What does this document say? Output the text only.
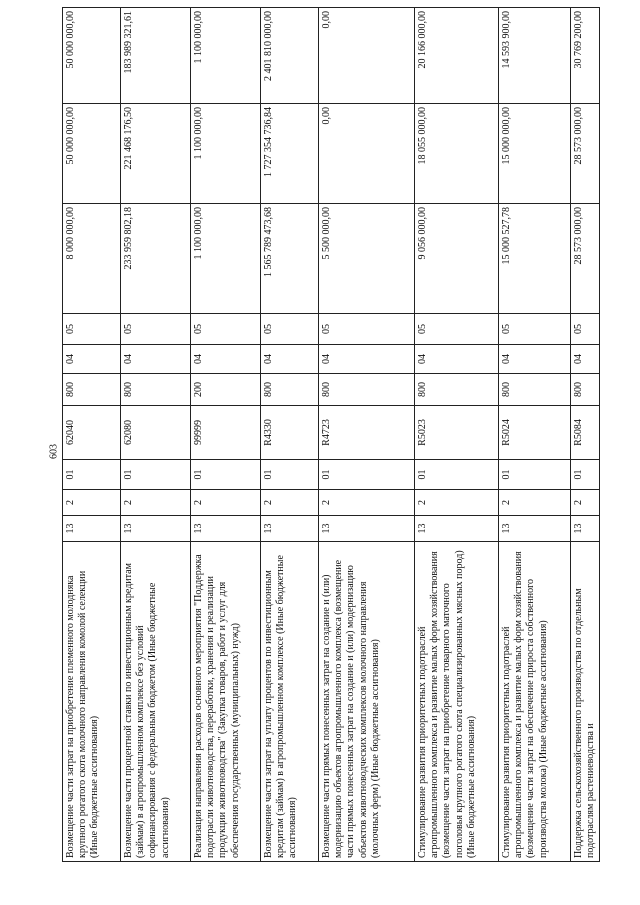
603
Возмещение части затрат на приобретение племенного молодняка крупного рогатого скота молочного направления комолой селекции (Иные бюджетные ассигнования)	13	2	01	62040	800	04	05	8 000 000,00	50 000 000,00	50 000 000,00
Возмещение части процентной ставки по инвестиционным кредитам (займам) в агропромышленном комплексе без условий софинансирования с федеральным бюджетом (Иные бюджетные ассигнования)	13	2	01	62080	800	04	05	233 959 802,18	221 468 176,50	183 989 321,61
Реализация направления расходов основного мероприятия "Поддержка подотрасли животноводства, переработки, хранения и реализации продукции животноводства" (Закупка товаров, работ и услуг для обеспечения государственных (муниципальных) нужд)	13	2	01	99999	200	04	05	1 100 000,00	1 100 000,00	1 100 000,00
Возмещение части затрат на уплату процентов по инвестиционным кредитам (займам) в агропромышленном комплексе (Иные бюджетные ассигнования)	13	2	01	R4330	800	04	05	1 565 789 473,68	1 727 354 736,84	2 401 810 000,00
Возмещение части прямых понесенных затрат на создание и (или) модернизацию объектов агропромышленного комплекса (возмещение части прямых понесенных затрат на создание и (или) модернизацию объектов животноводческих комплексов молочного направления (молочных ферм) (Иные бюджетные ассигнования)	13	2	01	R4723	800	04	05	5 500 000,00	0,00	0,00
Стимулирование развития приоритетных подотраслей агропромышленного комплекса и развитие малых форм хозяйствования (возмещение части затрат на приобретение товарного маточного поголовья крупного рогатого скота специализированных мясных пород) (Иные бюджетные ассигнования)	13	2	01	R5023	800	04	05	9 056 000,00	18 055 000,00	20 166 000,00
Стимулирование развития приоритетных подотраслей агропромышленного комплекса и развитие малых форм хозяйствования (возмещение части затрат на обеспечение прироста собственного производства молока) (Иные бюджетные ассигнования)	13	2	01	R5024	800	04	05	15 000 527,78	15 000 000,00	14 593 900,00
Поддержка сельскохозяйственного производства по отдельным подотраслям растениеводства и	13	2	01	R5084	800	04	05	28 573 000,00	28 573 000,00	30 769 200,00
